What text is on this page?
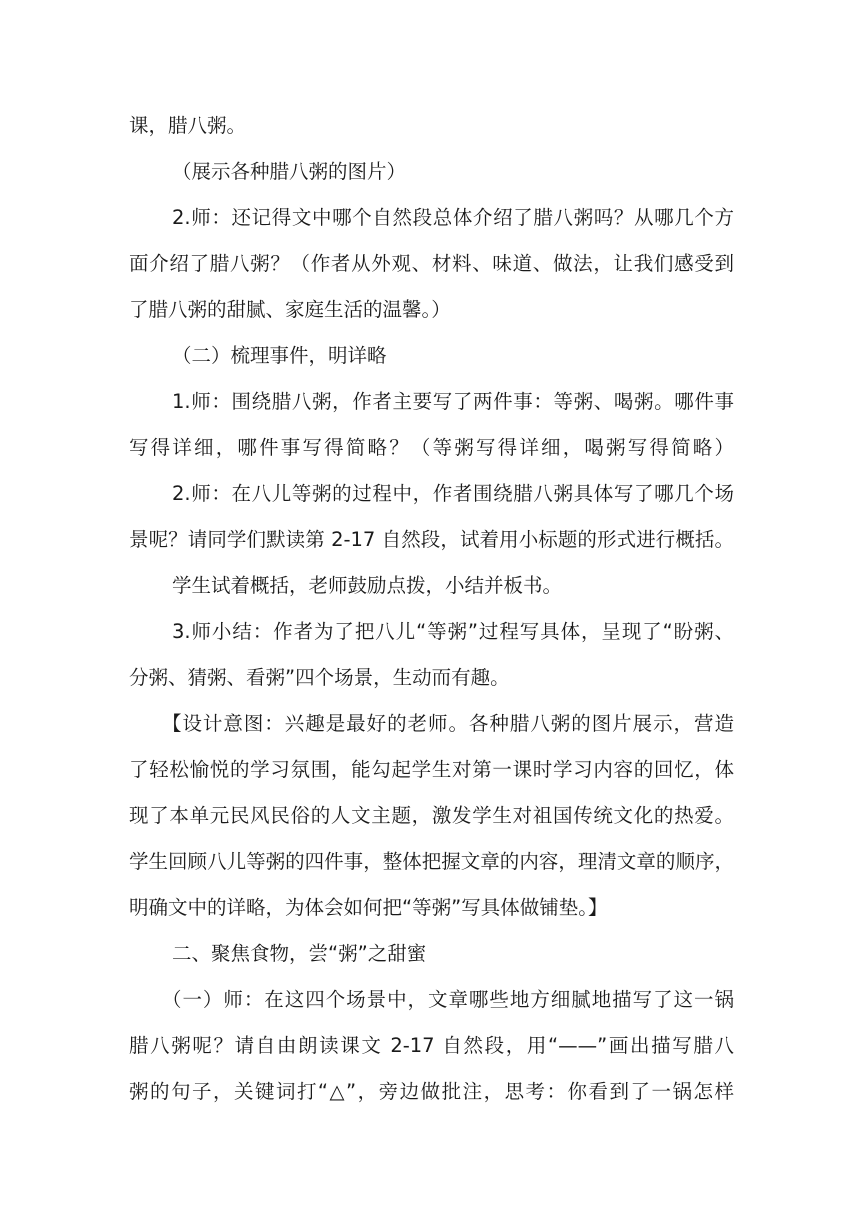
课，腊八粥。
（展示各种腊八粥的图片）
2.师：还记得文中哪个自然段总体介绍了腊八粥吗？从哪几个方
面介绍了腊八粥？（作者从外观、材料、味道、做法，让我们感受到
了腊八粥的甜腻、家庭生活的温馨。）
（二）梳理事件，明详略
1.师：围绕腊八粥，作者主要写了两件事：等粥、喝粥。哪件事
写得详细，哪件事写得简略？（等粥写得详细，喝粥写得简略）
2.师：在八儿等粥的过程中，作者围绕腊八粥具体写了哪几个场
景呢？请同学们默读第 2-17 自然段，试着用小标题的形式进行概括。
学生试着概括，老师鼓励点拨，小结并板书。
3.师小结：作者为了把八儿“等粥”过程写具体，呈现了“盼粥、
分粥、猜粥、看粥”四个场景，生动而有趣。
【设计意图：兴趣是最好的老师。各种腊八粥的图片展示，营造
了轻松愉悦的学习氛围，能勾起学生对第一课时学习内容的回忆，体
现了本单元民风民俗的人文主题，激发学生对祖国传统文化的热爱。
学生回顾八儿等粥的四件事，整体把握文章的内容，理清文章的顺序，
明确文中的详略，为体会如何把“等粥”写具体做铺垫。】
二、聚焦食物，尝“粥”之甜蜜
（一）师：在这四个场景中，文章哪些地方细腻地描写了这一锅
腊八粥呢？请自由朗读课文 2-17 自然段，用“——”画出描写腊八
粥的句子，关键词打“△”，旁边做批注，思考：你看到了一锅怎样
